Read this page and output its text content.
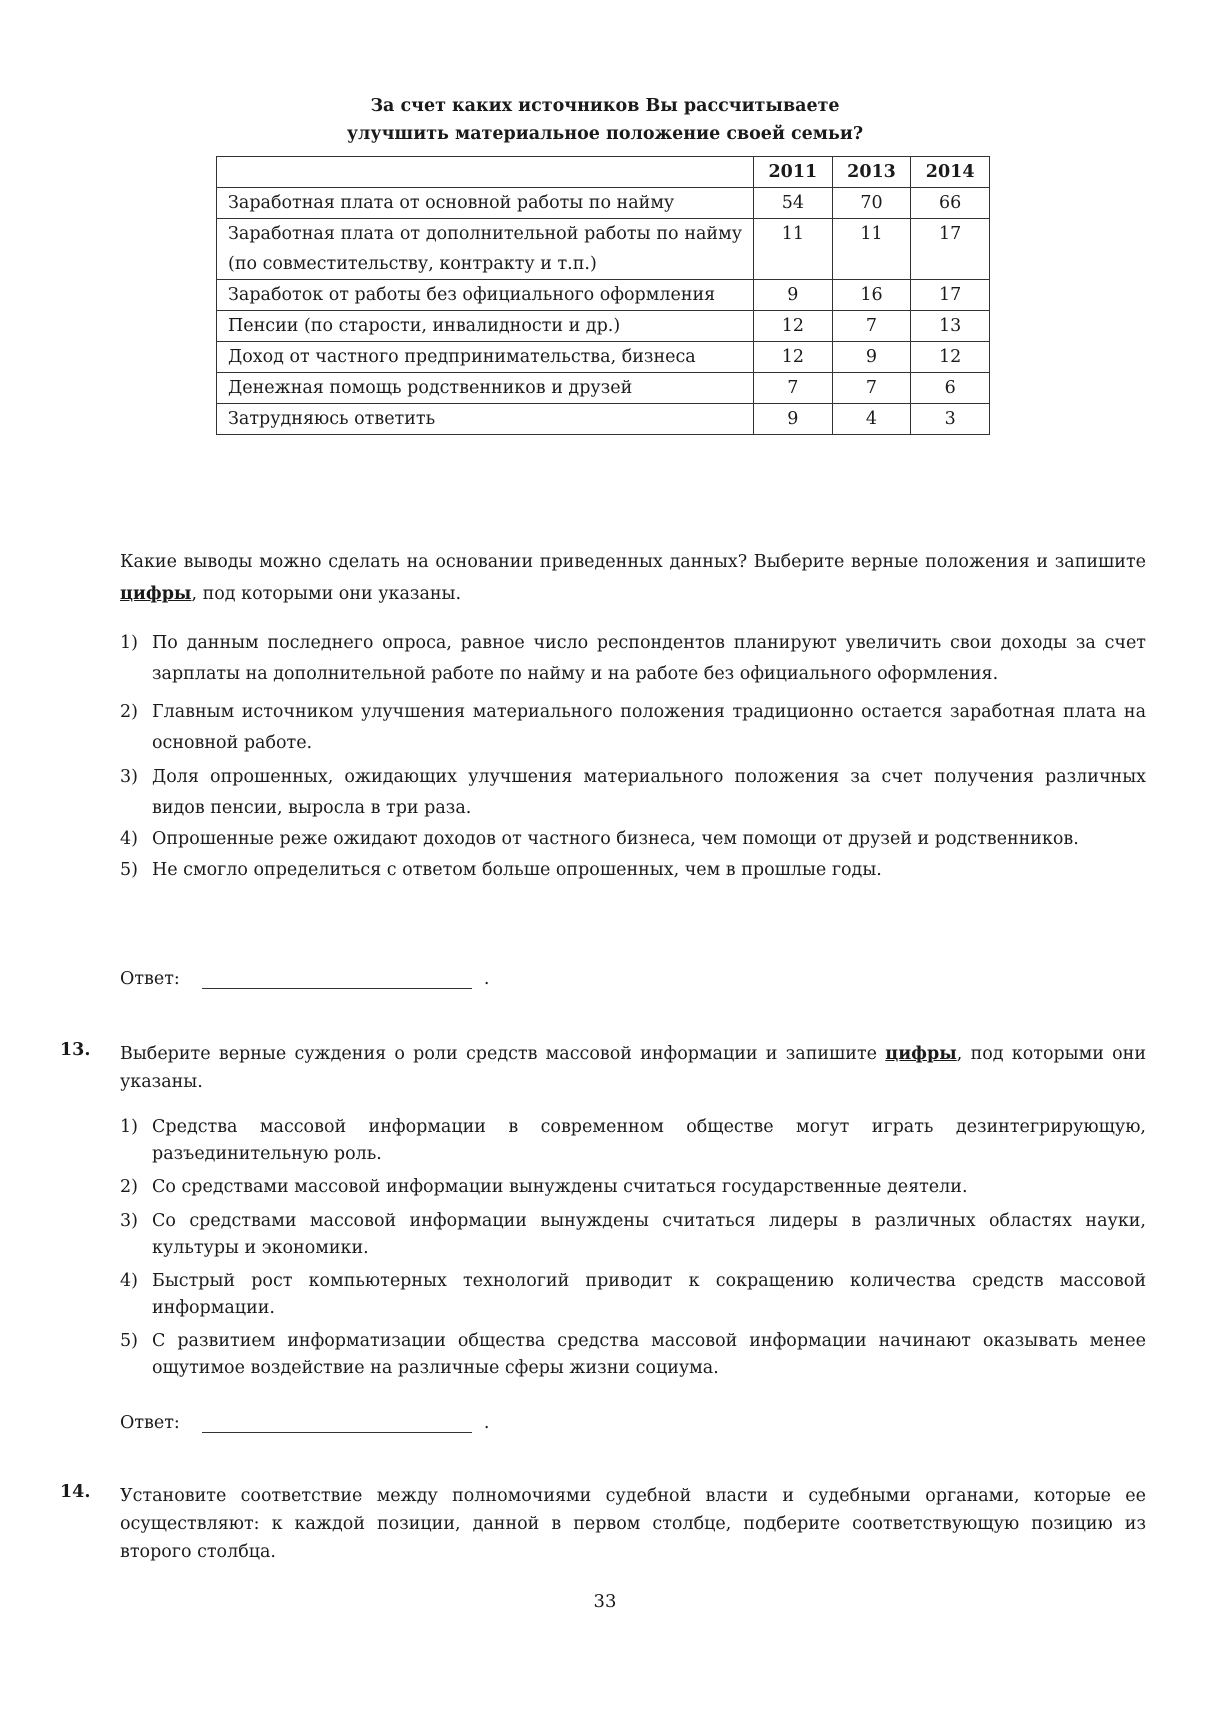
За счет каких источников Вы рассчитываете
улучшить материальное положение своей семьи?
	2011	2013	2014
Заработная плата от основной работы по найму	54	70	66
Заработная плата от дополнительной работы по найму (по совместительству, контракту и т.п.)	11	11	17
Заработок от работы без официального оформления	9	16	17
Пенсии (по старости, инвалидности и др.)	12	7	13
Доход от частного предпринимательства, бизнеса	12	9	12
Денежная помощь родственников и друзей	7	7	6
Затрудняюсь ответить	9	4	3
Какие выводы можно сделать на основании приведенных данных? Выберите верные положения и запишите цифры, под которыми они указаны.
1) По данным последнего опроса, равное число респондентов планируют увеличить свои доходы за счет зарплаты на дополнительной работе по найму и на работе без официального оформления.
2) Главным источником улучшения материального положения традиционно остается заработная плата на основной работе.
3) Доля опрошенных, ожидающих улучшения материального положения за счет получения различных видов пенсии, выросла в три раза.
4) Опрошенные реже ожидают доходов от частного бизнеса, чем помощи от друзей и родственников.
5) Не смогло определиться с ответом больше опрошенных, чем в прошлые годы.
Ответ:	.
13. Выберите верные суждения о роли средств массовой информации и запишите цифры, под которыми они указаны.
1) Средства массовой информации в современном обществе могут играть дезинтегрирующую, разъединительную роль.
2) Со средствами массовой информации вынуждены считаться государственные деятели.
3) Со средствами массовой информации вынуждены считаться лидеры в различных областях науки, культуры и экономики.
4) Быстрый рост компьютерных технологий приводит к сокращению количества средств массовой информации.
5) С развитием информатизации общества средства массовой информации начинают оказывать менее ощутимое воздействие на различные сферы жизни социума.
Ответ:	.
14. Установите соответствие между полномочиями судебной власти и судебными органами, которые ее осуществляют: к каждой позиции, данной в первом столбце, подберите соответствующую позицию из второго столбца.
33
